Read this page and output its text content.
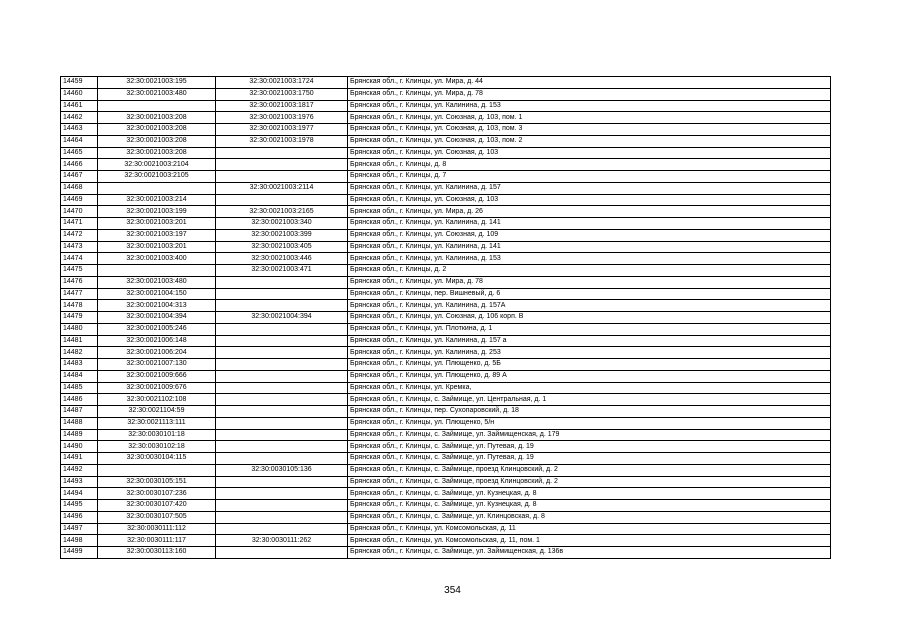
14459	32:30:0021003:195	32:30:0021003:1724	Брянская обл., г. Клинцы, ул. Мира, д. 44
14460	32:30:0021003:480	32:30:0021003:1750	Брянская обл., г. Клинцы, ул. Мира, д. 78
14461		32:30:0021003:1817	Брянская обл., г. Клинцы, ул. Калинина, д. 153
14462	32:30:0021003:208	32:30:0021003:1976	Брянская обл., г. Клинцы, ул. Союзная, д. 103, пом. 1
14463	32:30:0021003:208	32:30:0021003:1977	Брянская обл., г. Клинцы, ул. Союзная, д. 103, пом. 3
14464	32:30:0021003:208	32:30:0021003:1978	Брянская обл., г. Клинцы, ул. Союзная, д. 103, пом. 2
14465	32:30:0021003:208		Брянская обл., г. Клинцы, ул. Союзная, д. 103
14466	32:30:0021003:2104		Брянская обл., г. Клинцы, д. 8
14467	32:30:0021003:2105		Брянская обл., г. Клинцы, д. 7
14468		32:30:0021003:2114	Брянская обл., г. Клинцы, ул. Калинина, д. 157
14469	32:30:0021003:214		Брянская обл., г. Клинцы, ул. Союзная, д. 103
14470	32:30:0021003:199	32:30:0021003:2165	Брянская обл., г. Клинцы, ул. Мира, д. 26
14471	32:30:0021003:201	32:30:0021003:340	Брянская обл., г. Клинцы, ул. Калинина, д. 141
14472	32:30:0021003:197	32:30:0021003:399	Брянская обл., г. Клинцы, ул. Союзная, д. 109
14473	32:30:0021003:201	32:30:0021003:405	Брянская обл., г. Клинцы, ул. Калинина, д. 141
14474	32:30:0021003:400	32:30:0021003:446	Брянская обл., г. Клинцы, ул. Калинина, д. 153
14475		32:30:0021003:471	Брянская обл., г. Клинцы, д. 2
14476	32:30:0021003:480		Брянская обл., г. Клинцы, ул. Мира, д. 78
14477	32:30:0021004:150		Брянская обл., г. Клинцы, пер. Вишневый, д. 6
14478	32:30:0021004:313		Брянская обл., г. Клинцы, ул. Калинина, д. 157А
14479	32:30:0021004:394	32:30:0021004:394	Брянская обл., г. Клинцы, ул. Союзная, д. 106 корп. В
14480	32:30:0021005:246		Брянская обл., г. Клинцы, ул. Плоткина, д. 1
14481	32:30:0021006:148		Брянская обл., г. Клинцы, ул. Калинина, д. 157 а
14482	32:30:0021006:204		Брянская обл., г. Клинцы, ул. Калинина, д. 253
14483	32:30:0021007:130		Брянская обл., г. Клинцы, ул. Плющенко, д. 5Б
14484	32:30:0021009:666		Брянская обл., г. Клинцы, ул. Плющенко, д. 89 А
14485	32:30:0021009:676		Брянская обл., г. Клинцы, ул. Кремка,
14486	32:30:0021102:108		Брянская обл., г. Клинцы, с. Займище, ул. Центральная, д. 1
14487	32:30:0021104:59		Брянская обл., г. Клинцы, пер. Сухопаровский, д. 18
14488	32:30:0021113:111		Брянская обл., г. Клинцы, ул. Плющенко, 5/н
14489	32:30:0030101:18		Брянская обл., г. Клинцы, с. Займище, ул. Займищенская, д. 179
14490	32:30:0030102:18		Брянская обл., г. Клинцы, с. Займище, ул. Путевая, д. 19
14491	32:30:0030104:115		Брянская обл., г. Клинцы, с. Займище, ул. Путевая, д. 19
14492		32:30:0030105:136	Брянская обл., г. Клинцы, с. Займище, проезд Клинцовский, д. 2
14493	32:30:0030105:151		Брянская обл., г. Клинцы, с. Займище, проезд Клинцовский, д. 2
14494	32:30:0030107:236		Брянская обл., г. Клинцы, с. Займище, ул. Кузнецкая, д. 8
14495	32:30:0030107:420		Брянская обл., г. Клинцы, с. Займище, ул. Кузнецкая, д. 8
14496	32:30:0030107:505		Брянская обл., г. Клинцы, с. Займище, ул. Клинцовская, д. 8
14497	32:30:0030111:112		Брянская обл., г. Клинцы, ул. Комсомольская, д. 11
14498	32:30:0030111:117	32:30:0030111:262	Брянская обл., г. Клинцы, ул. Комсомольская, д. 11, пом. 1
14499	32:30:0030113:160		Брянская обл., г. Клинцы, с. Займище, ул. Займищенская, д. 136в
354
